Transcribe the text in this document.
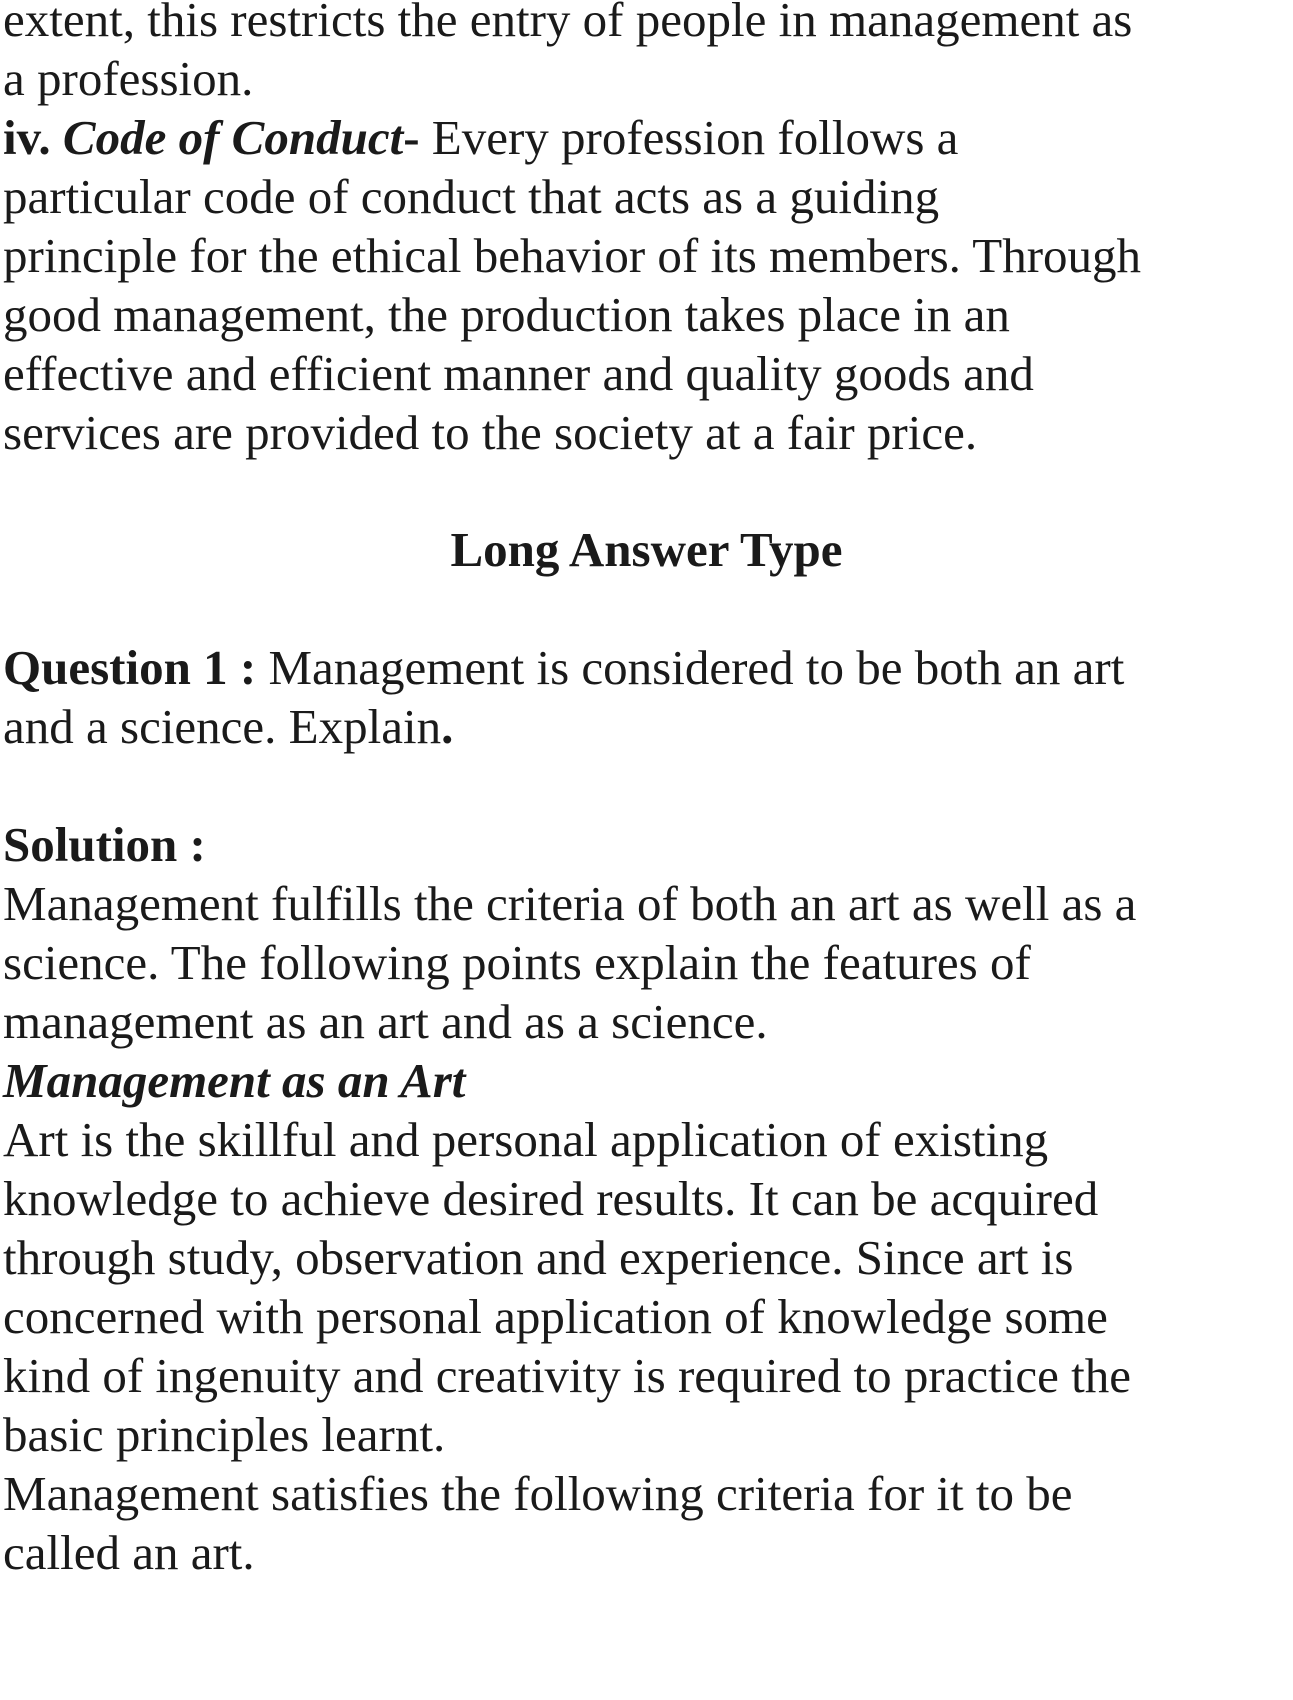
extent, this restricts the entry of people in management as

a profession.

iv. Code of Conduct- Every profession follows a

particular code of conduct that acts as a guiding

principle for the ethical behavior of its members. Through

good management, the production takes place in an

effective and efficient manner and quality goods and

services are provided to the society at a fair price.

Long Answer Type

Question 1 : Management is considered to be both an art

and a science. Explain.

Solution :

Management fulfills the criteria of both an art as well as a

science. The following points explain the features of

management as an art and as a science.

Management as an Art

Art is the skillful and personal application of existing

knowledge to achieve desired results. It can be acquired

through study, observation and experience. Since art is

concerned with personal application of knowledge some

kind of ingenuity and creativity is required to practice the

basic principles learnt.

Management satisfies the following criteria for it to be

called an art.
